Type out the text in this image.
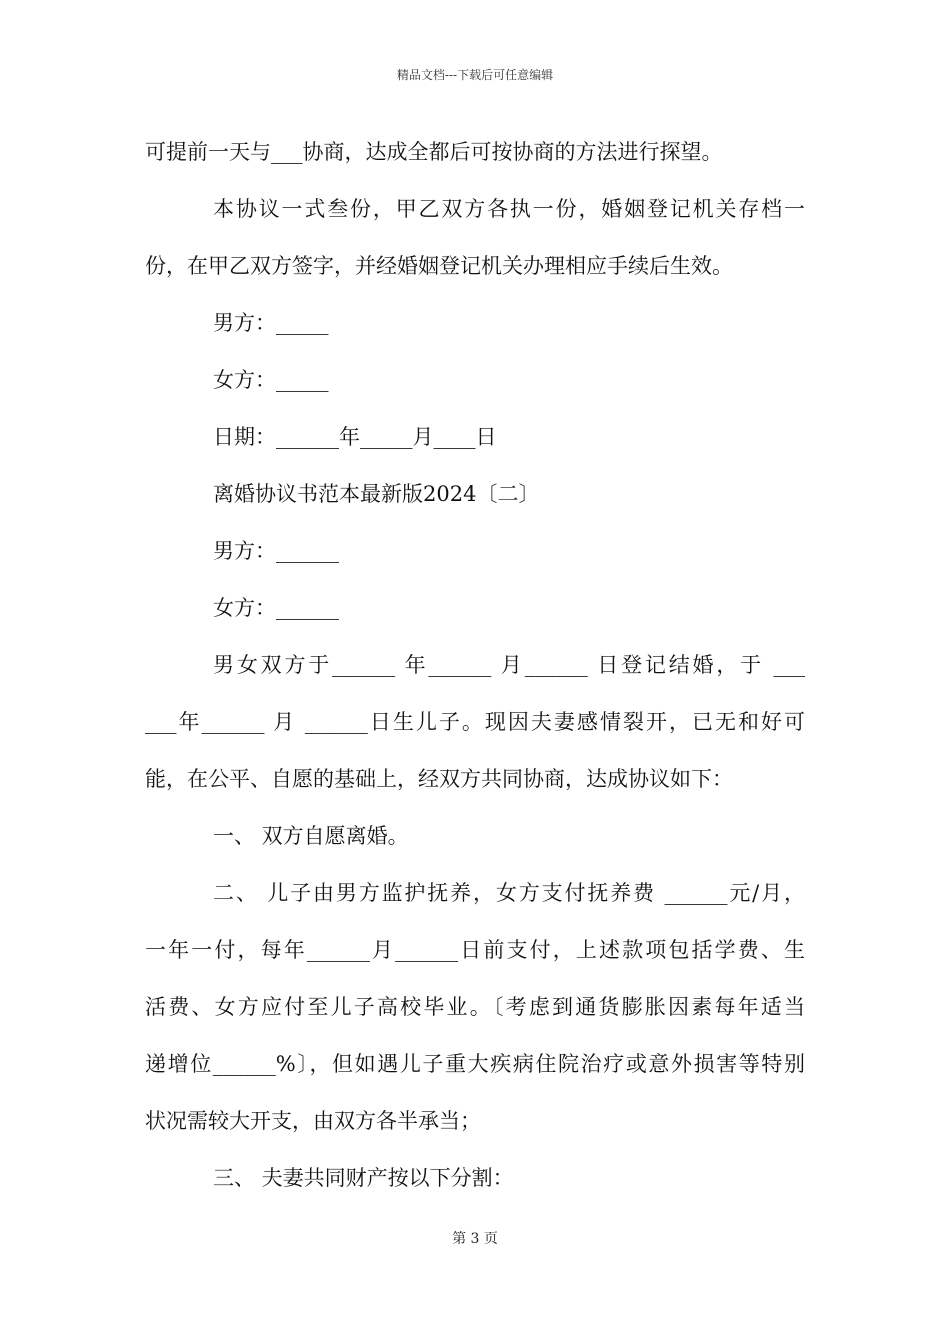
精品文档---下载后可任意编辑
可提前一天与___协商，达成全都后可按协商的方法进行探望。
本协议一式叁份，甲乙双方各执一份，婚姻登记机关存档一
份，在甲乙双方签字，并经婚姻登记机关办理相应手续后生效。
男方：_____
女方：_____
日期：______年_____月____日
离婚协议书范本最新版2024〔二〕
男方：______
女方：______
男女双方于______ 年______ 月______ 日登记结婚，于 ___
___年______ 月 ______日生儿子。现因夫妻感情裂开，已无和好可
能，在公平、自愿的基础上，经双方共同协商，达成协议如下：
一、 双方自愿离婚。
二、 儿子由男方监护抚养，女方支付抚养费 ______元/月，
一年一付，每年______月______日前支付，上述款项包括学费、生
活费、女方应付至儿子高校毕业。〔考虑到通货膨胀因素每年适当
递增位______%〕，但如遇儿子重大疾病住院治疗或意外损害等特别
状况需较大开支，由双方各半承当；
三、 夫妻共同财产按以下分割：
第 3 页
